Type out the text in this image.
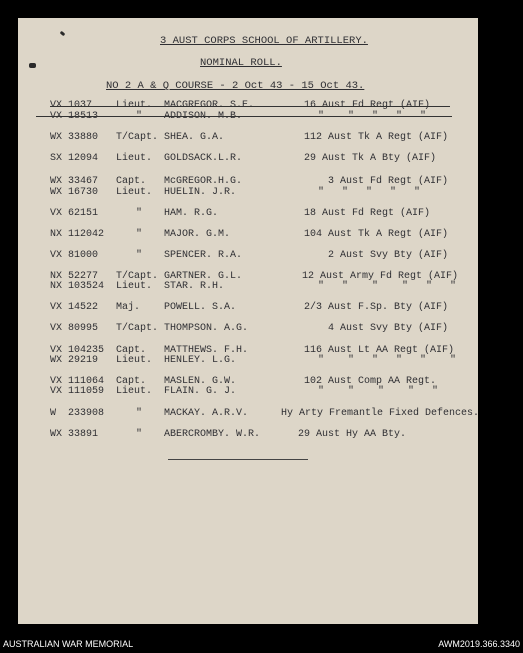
3 AUST CORPS SCHOOL OF ARTILLERY.
NOMINAL ROLL.
NO 2 A & Q COURSE - 2 Oct 43 - 15 Oct 43.
VX 1037 Lieut. MACGREGOR. S.E.	16 Aust Fd Regt (AIF)
VX 18513	" ADDISON. M.B.	"    "   "   "   "
WX 33880 T/Capt. SHEA. G.A.	112 Aust Tk A Regt (AIF)
SX 12094 Lieut. GOLDSACK.L.R.	29 Aust Tk A Bty (AIF)
WX 33467 Capt. McGREGOR.H.G.	3 Aust Fd Regt (AIF)
WX 16730 Lieut. HUELIN. J.R.	"   "   "   "   "
VX 62151	" HAM. R.G.	18 Aust Fd Regt (AIF)
NX 112042	" MAJOR. G.M.	104 Aust Tk A Regt (AIF)
VX 81000	" SPENCER. R.A.	2 Aust Svy Bty (AIF)
NX 52277 T/Capt. GARTNER. G.L.	12 Aust Army Fd Regt (AIF)
NX 103524 Lieut. STAR. R.H.	"   "    "    "   "   "
VX 14522 Maj. POWELL. S.A.	2/3 Aust F.Sp. Bty (AIF)
VX 80995 T/Capt. THOMPSON. A.G.	4 Aust Svy Bty (AIF)
VX 104235 Capt. MATTHEWS. F.H.	116 Aust Lt AA Regt (AIF)
WX 29219 Lieut. HENLEY. L.G.	"    "   "   "   "    "
VX 111064 Capt. MASLEN. G.W.	102 Aust Comp AA Regt.
VX 111059 Lieut. FLAIN. G. J.	"    "    "    "   "
W  233908	" MACKAY. A.R.V.	Hy Arty Fremantle Fixed Defences.
WX 33891	" ABERCROMBY. W.R.	29 Aust Hy AA Bty.
AUSTRALIAN WAR MEMORIAL	AWM2019.366.3340
